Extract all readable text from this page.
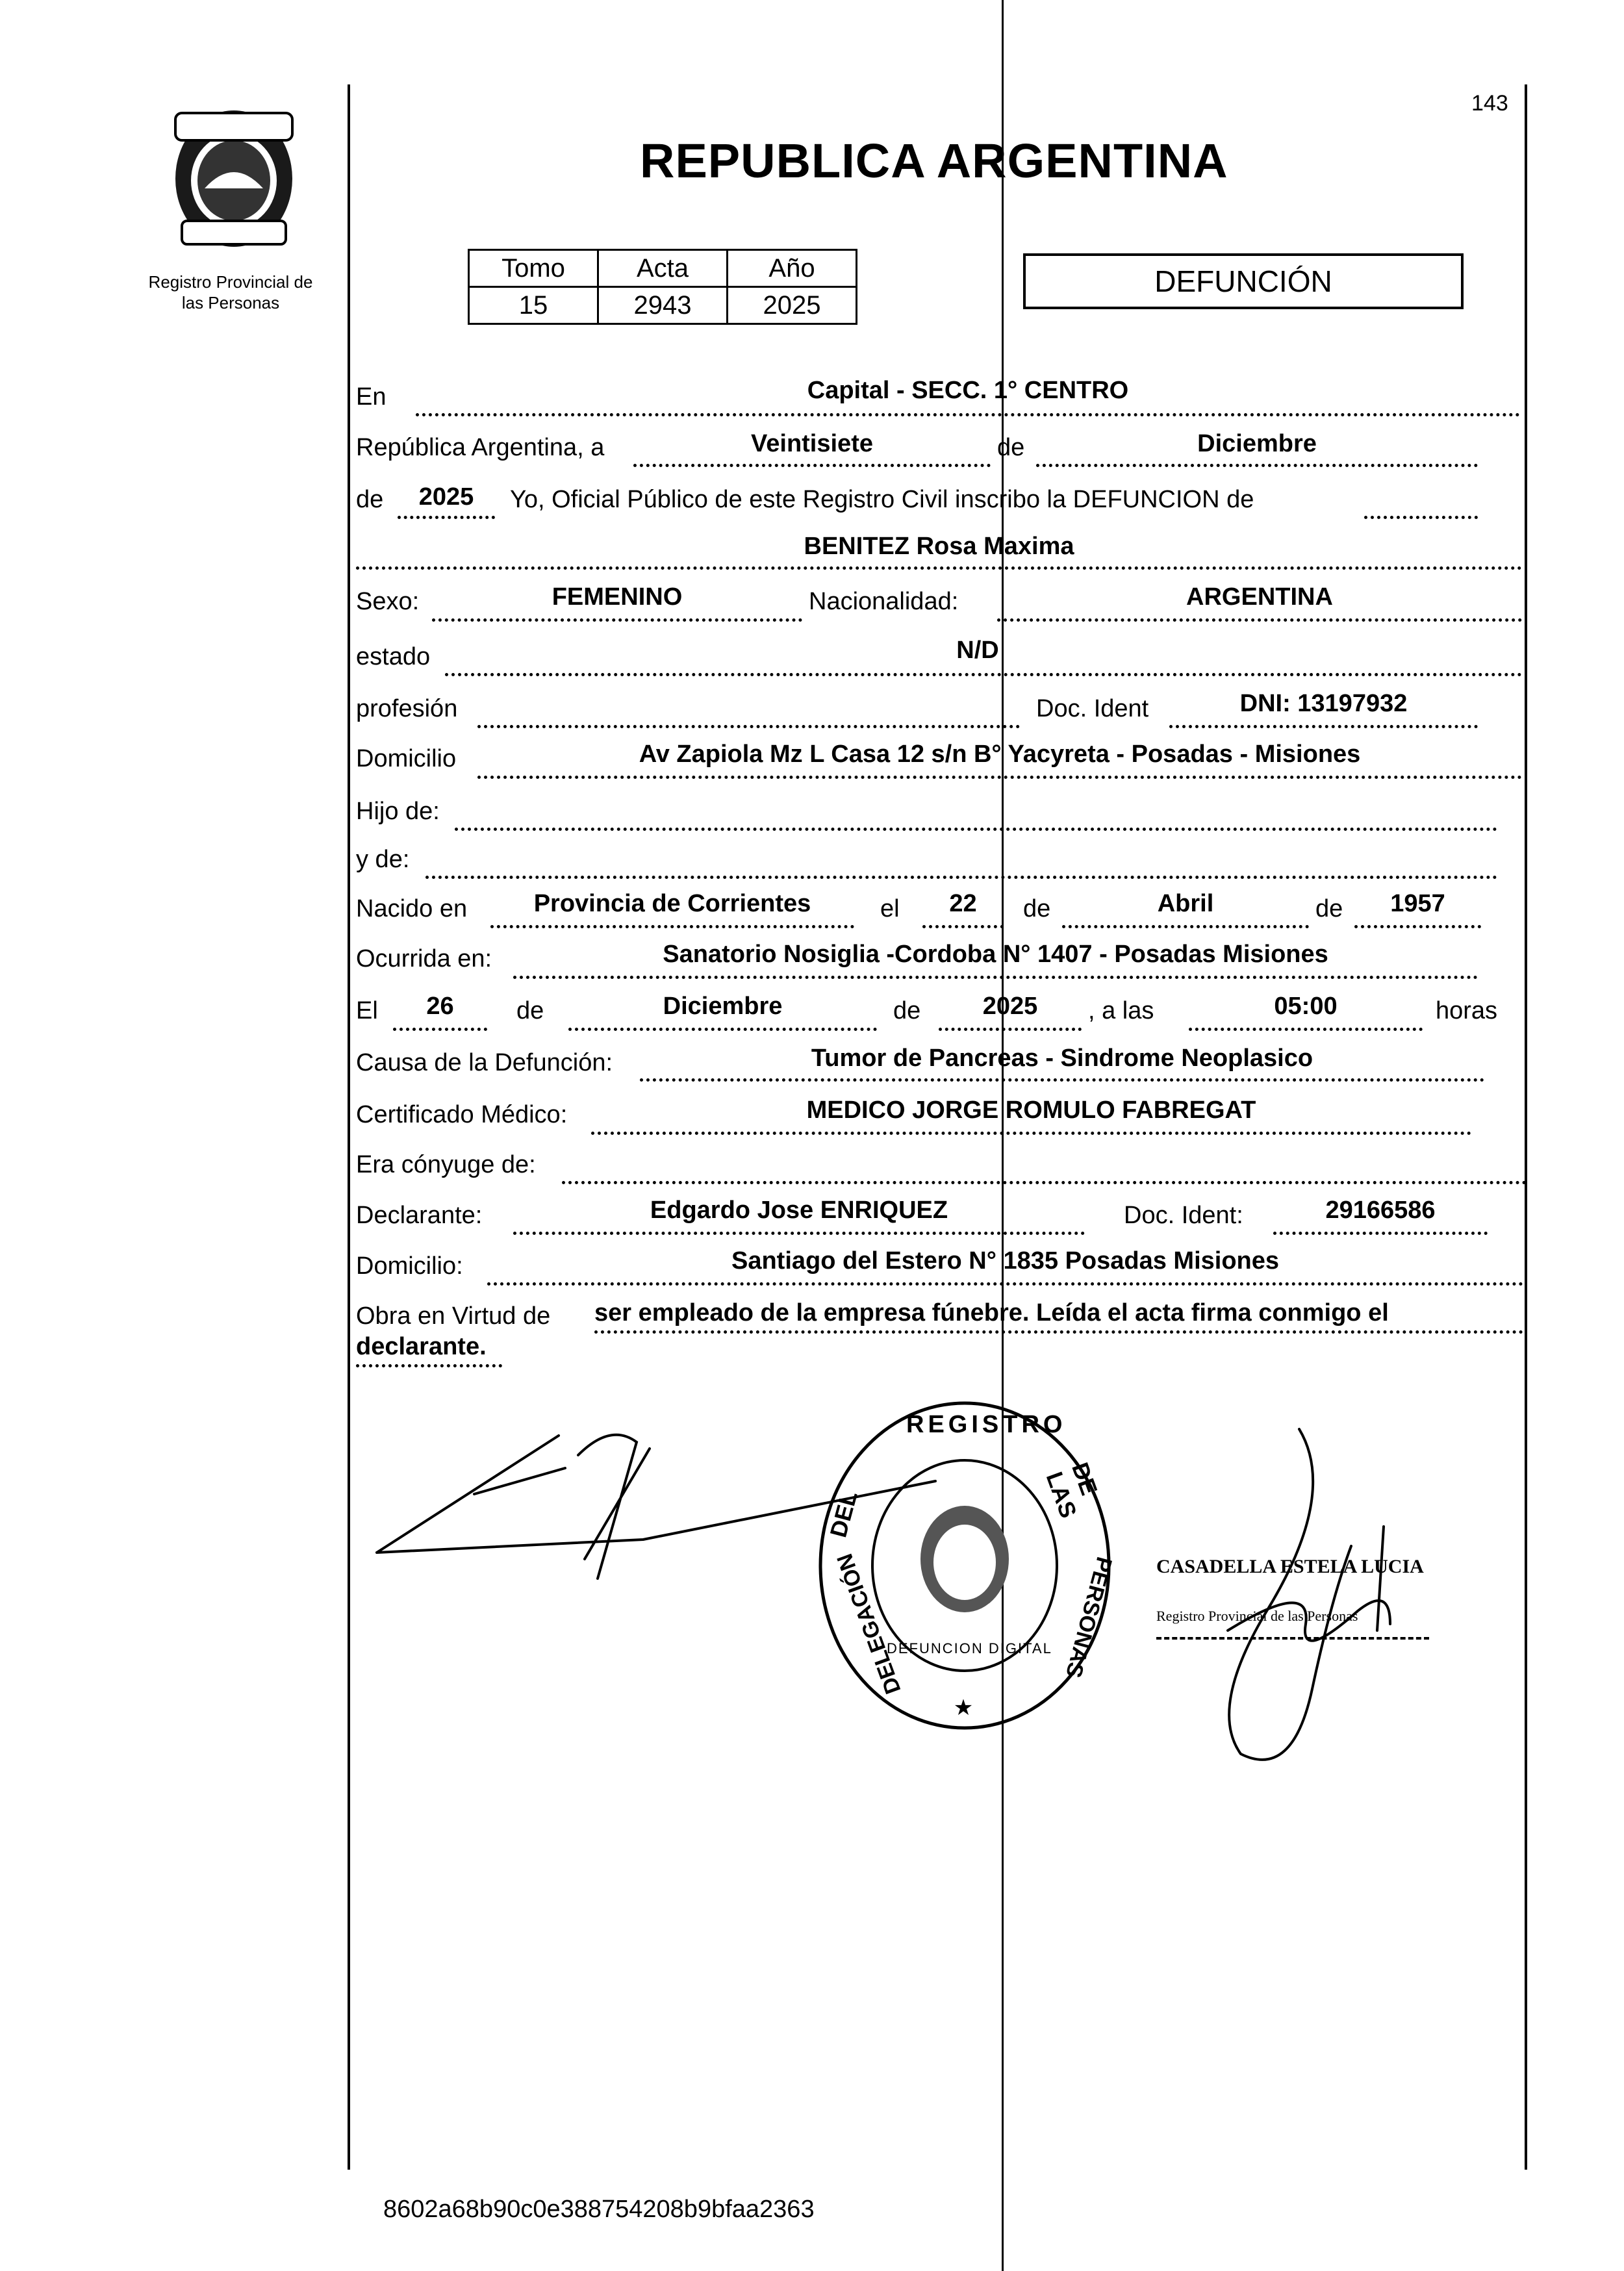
Registro Provincial de
las Personas
REPUBLICA ARGENTINA
143
Tomo	Acta	Año
15	2943	2025
DEFUNCIÓN
En	Capital - SECC. 1° CENTRO
República Argentina, a	Veintisiete	de	Diciembre
de	2025	Yo, Oficial Público de este Registro Civil inscribo la DEFUNCION de
BENITEZ Rosa Maxima
Sexo:	FEMENINO	Nacionalidad:	ARGENTINA
estado	N/D
profesión	Doc. Ident	DNI: 13197932
Domicilio	Av Zapiola Mz L Casa 12 s/n B° Yacyreta - Posadas - Misiones
Hijo de:
y de:
Nacido en	Provincia de Corrientes	el	22	de	Abril	de	1957
Ocurrida en:	Sanatorio Nosiglia -Cordoba N° 1407 - Posadas Misiones
El	26	de	Diciembre	de	2025	, a las	05:00	horas
Causa de la Defunción:	Tumor de Pancreas - Sindrome Neoplasico
Certificado Médico:	MEDICO JORGE ROMULO FABREGAT
Era cónyuge de:
Declarante:	Edgardo Jose ENRIQUEZ	Doc. Ident:	29166586
Domicilio:	Santiago del Estero N° 1835 Posadas Misiones
Obra en Virtud de ser empleado de la empresa fúnebre. Leída el acta firma conmigo el
declarante.
★
REGISTRO
DEL
DE LAS
DELEGACIÓN	PERSONAS
DEFUNCION DIGITAL
CASADELLA ESTELA LUCIA
Registro Provincial de las Personas
8602a68b90c0e388754208b9bfaa2363
